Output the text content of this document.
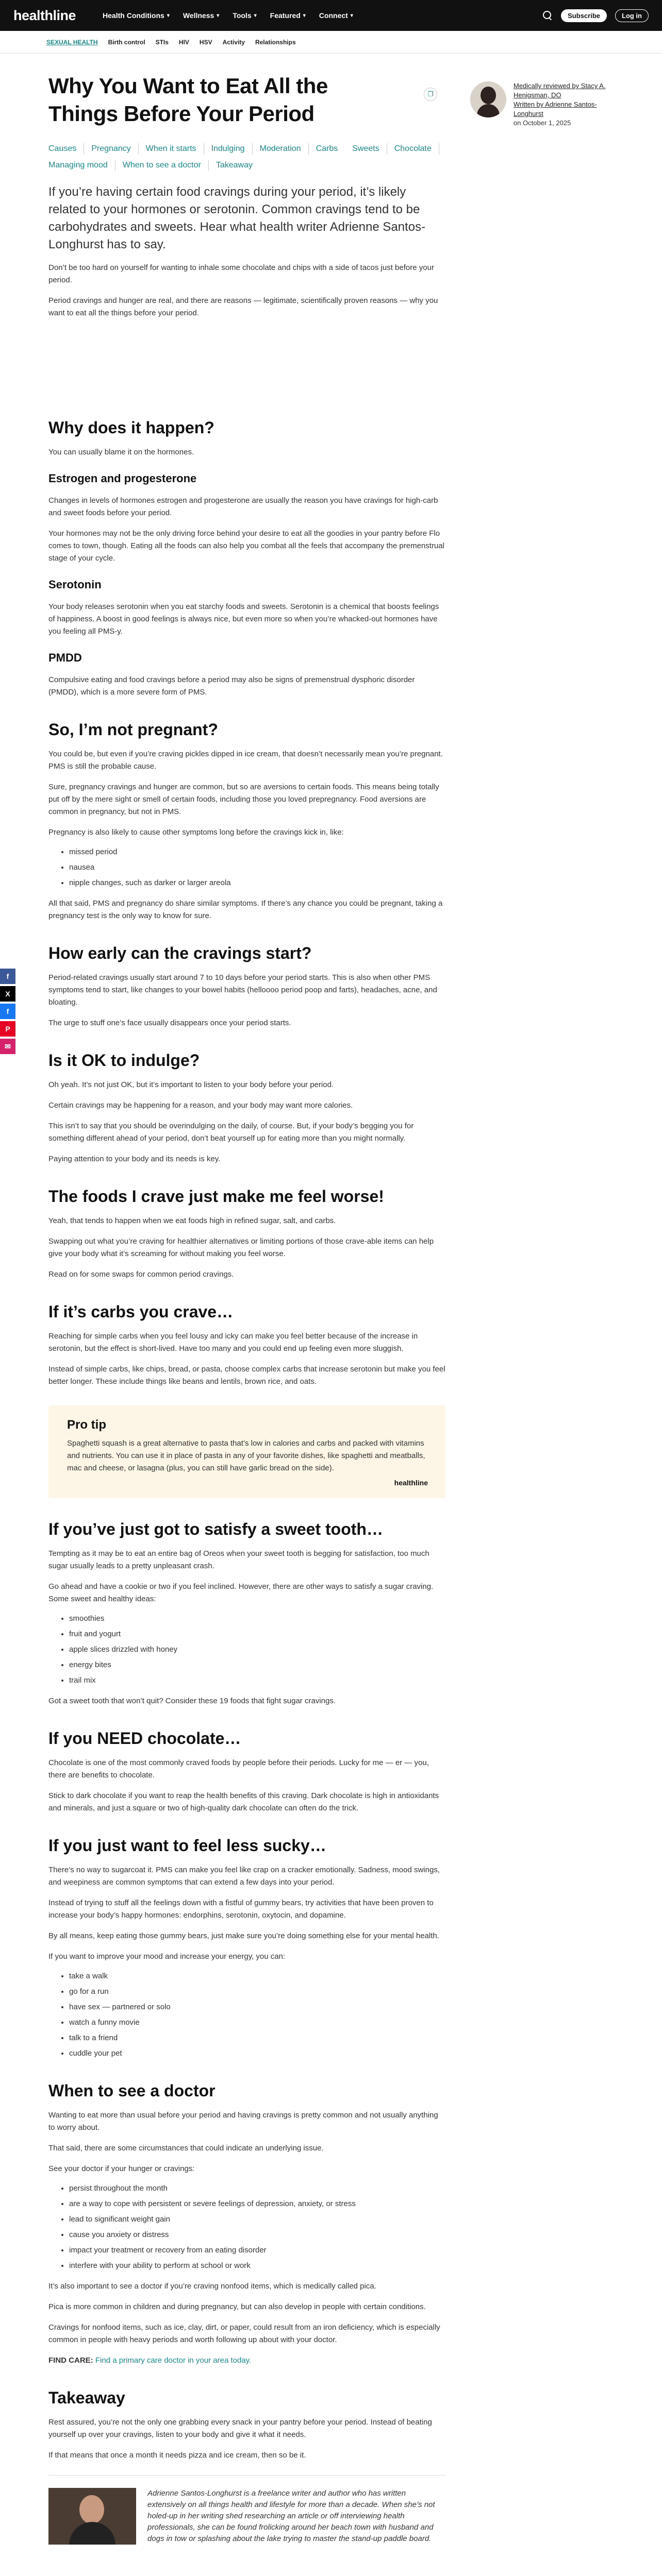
healthline	Health Conditions ▾ Wellness ▾ Tools ▾ Featured ▾ Connect ▾	Subscribe	Log in
SEXUAL HEALTH Birth control STIs HIV HSV Activity Relationships
f
X
f
P
✉
Medically reviewed by Stacy A. Henigsman, DO
Written by Adrienne Santos-Longhurst
on October 1, 2025
❐
Why You Want to Eat All the Things Before Your Period
Causes	Pregnancy	When it starts	Indulging	Moderation	Carbs	Sweets	Chocolate
Managing mood	When to see a doctor	Takeaway

If you’re having certain food cravings during your period, it’s likely related to your hormones or serotonin. Common cravings tend to be carbohydrates and sweets. Hear what health writer Adrienne Santos-Longhurst has to say.

Don’t be too hard on yourself for wanting to inhale some chocolate and chips with a side of tacos just before your period.

Period cravings and hunger are real, and there are reasons — legitimate, scientifically proven reasons — why you want to eat all the things before your period.

Why does it happen?

You can usually blame it on the hormones.

Estrogen and progesterone

Changes in levels of hormones estrogen and progesterone are usually the reason you have cravings for high-carb and sweet foods before your period.

Your hormones may not be the only driving force behind your desire to eat all the goodies in your pantry before Flo comes to town, though. Eating all the foods can also help you combat all the feels that accompany the premenstrual stage of your cycle.

Serotonin

Your body releases serotonin when you eat starchy foods and sweets. Serotonin is a chemical that boosts feelings of happiness. A boost in good feelings is always nice, but even more so when you’re whacked-out hormones have you feeling all PMS-y.

PMDD

Compulsive eating and food cravings before a period may also be signs of premenstrual dysphoric disorder (PMDD), which is a more severe form of PMS.

So, I’m not pregnant?

You could be, but even if you’re craving pickles dipped in ice cream, that doesn’t necessarily mean you’re pregnant. PMS is still the probable cause.

Sure, pregnancy cravings and hunger are common, but so are aversions to certain foods. This means being totally put off by the mere sight or smell of certain foods, including those you loved prepregnancy. Food aversions are common in pregnancy, but not in PMS.

Pregnancy is also likely to cause other symptoms long before the cravings kick in, like:

• missed period
• nausea
• nipple changes, such as darker or larger areola

All that said, PMS and pregnancy do share similar symptoms. If there’s any chance you could be pregnant, taking a pregnancy test is the only way to know for sure.

How early can the cravings start?

Period-related cravings usually start around 7 to 10 days before your period starts. This is also when other PMS symptoms tend to start, like changes to your bowel habits (helloooo period poop and farts), headaches, acne, and bloating.

The urge to stuff one’s face usually disappears once your period starts.

Is it OK to indulge?

Oh yeah. It’s not just OK, but it’s important to listen to your body before your period.

Certain cravings may be happening for a reason, and your body may want more calories.

This isn’t to say that you should be overindulging on the daily, of course. But, if your body’s begging you for something different ahead of your period, don’t beat yourself up for eating more than you might normally.

Paying attention to your body and its needs is key.

The foods I crave just make me feel worse!

Yeah, that tends to happen when we eat foods high in refined sugar, salt, and carbs.

Swapping out what you’re craving for healthier alternatives or limiting portions of those crave-able items can help give your body what it’s screaming for without making you feel worse.

Read on for some swaps for common period cravings.

If it’s carbs you crave…

Reaching for simple carbs when you feel lousy and icky can make you feel better because of the increase in serotonin, but the effect is short-lived. Have too many and you could end up feeling even more sluggish.

Instead of simple carbs, like chips, bread, or pasta, choose complex carbs that increase serotonin but make you feel better longer. These include things like beans and lentils, brown rice, and oats.

Pro tip

Spaghetti squash is a great alternative to pasta that’s low in calories and carbs and packed with vitamins and nutrients. You can use it in place of pasta in any of your favorite dishes, like spaghetti and meatballs, mac and cheese, or lasagna (plus, you can still have garlic bread on the side).

healthline
If you’ve just got to satisfy a sweet tooth…

Tempting as it may be to eat an entire bag of Oreos when your sweet tooth is begging for satisfaction, too much sugar usually leads to a pretty unpleasant crash.

Go ahead and have a cookie or two if you feel inclined. However, there are other ways to satisfy a sugar craving. Some sweet and healthy ideas:

• smoothies
• fruit and yogurt
• apple slices drizzled with honey
• energy bites
• trail mix

Got a sweet tooth that won’t quit? Consider these 19 foods that fight sugar cravings.

If you NEED chocolate…

Chocolate is one of the most commonly craved foods by people before their periods. Lucky for me — er — you, there are benefits to chocolate.

Stick to dark chocolate if you want to reap the health benefits of this craving. Dark chocolate is high in antioxidants and minerals, and just a square or two of high-quality dark chocolate can often do the trick.

If you just want to feel less sucky…

There’s no way to sugarcoat it. PMS can make you feel like crap on a cracker emotionally. Sadness, mood swings, and weepiness are common symptoms that can extend a few days into your period.

Instead of trying to stuff all the feelings down with a fistful of gummy bears, try activities that have been proven to increase your body’s happy hormones: endorphins, serotonin, oxytocin, and dopamine.

By all means, keep eating those gummy bears, just make sure you’re doing something else for your mental health.

If you want to improve your mood and increase your energy, you can:

• take a walk
• go for a run
• have sex — partnered or solo
• watch a funny movie
• talk to a friend
• cuddle your pet
When to see a doctor

Wanting to eat more than usual before your period and having cravings is pretty common and not usually anything to worry about.

That said, there are some circumstances that could indicate an underlying issue.

See your doctor if your hunger or cravings:

• persist throughout the month
• are a way to cope with persistent or severe feelings of depression, anxiety, or stress
• lead to significant weight gain
• cause you anxiety or distress
• impact your treatment or recovery from an eating disorder
• interfere with your ability to perform at school or work

It’s also important to see a doctor if you’re craving nonfood items, which is medically called pica.

Pica is more common in children and during pregnancy, but can also develop in people with certain conditions.

Cravings for nonfood items, such as ice, clay, dirt, or paper, could result from an iron deficiency, which is especially common in people with heavy periods and worth following up about with your doctor.

FIND CARE: Find a primary care doctor in your area today.

Takeaway

Rest assured, you’re not the only one grabbing every snack in your pantry before your period. Instead of beating yourself up over your cravings, listen to your body and give it what it needs.

If that means that once a month it needs pizza and ice cream, then so be it.

Adrienne Santos-Longhurst is a freelance writer and author who has written extensively on all things health and lifestyle for more than a decade. When she’s not holed-up in her writing shed researching an article or off interviewing health professionals, she can be found frolicking around her beach town with husband and dogs in tow or splashing about the lake trying to master the stand-up paddle board.
